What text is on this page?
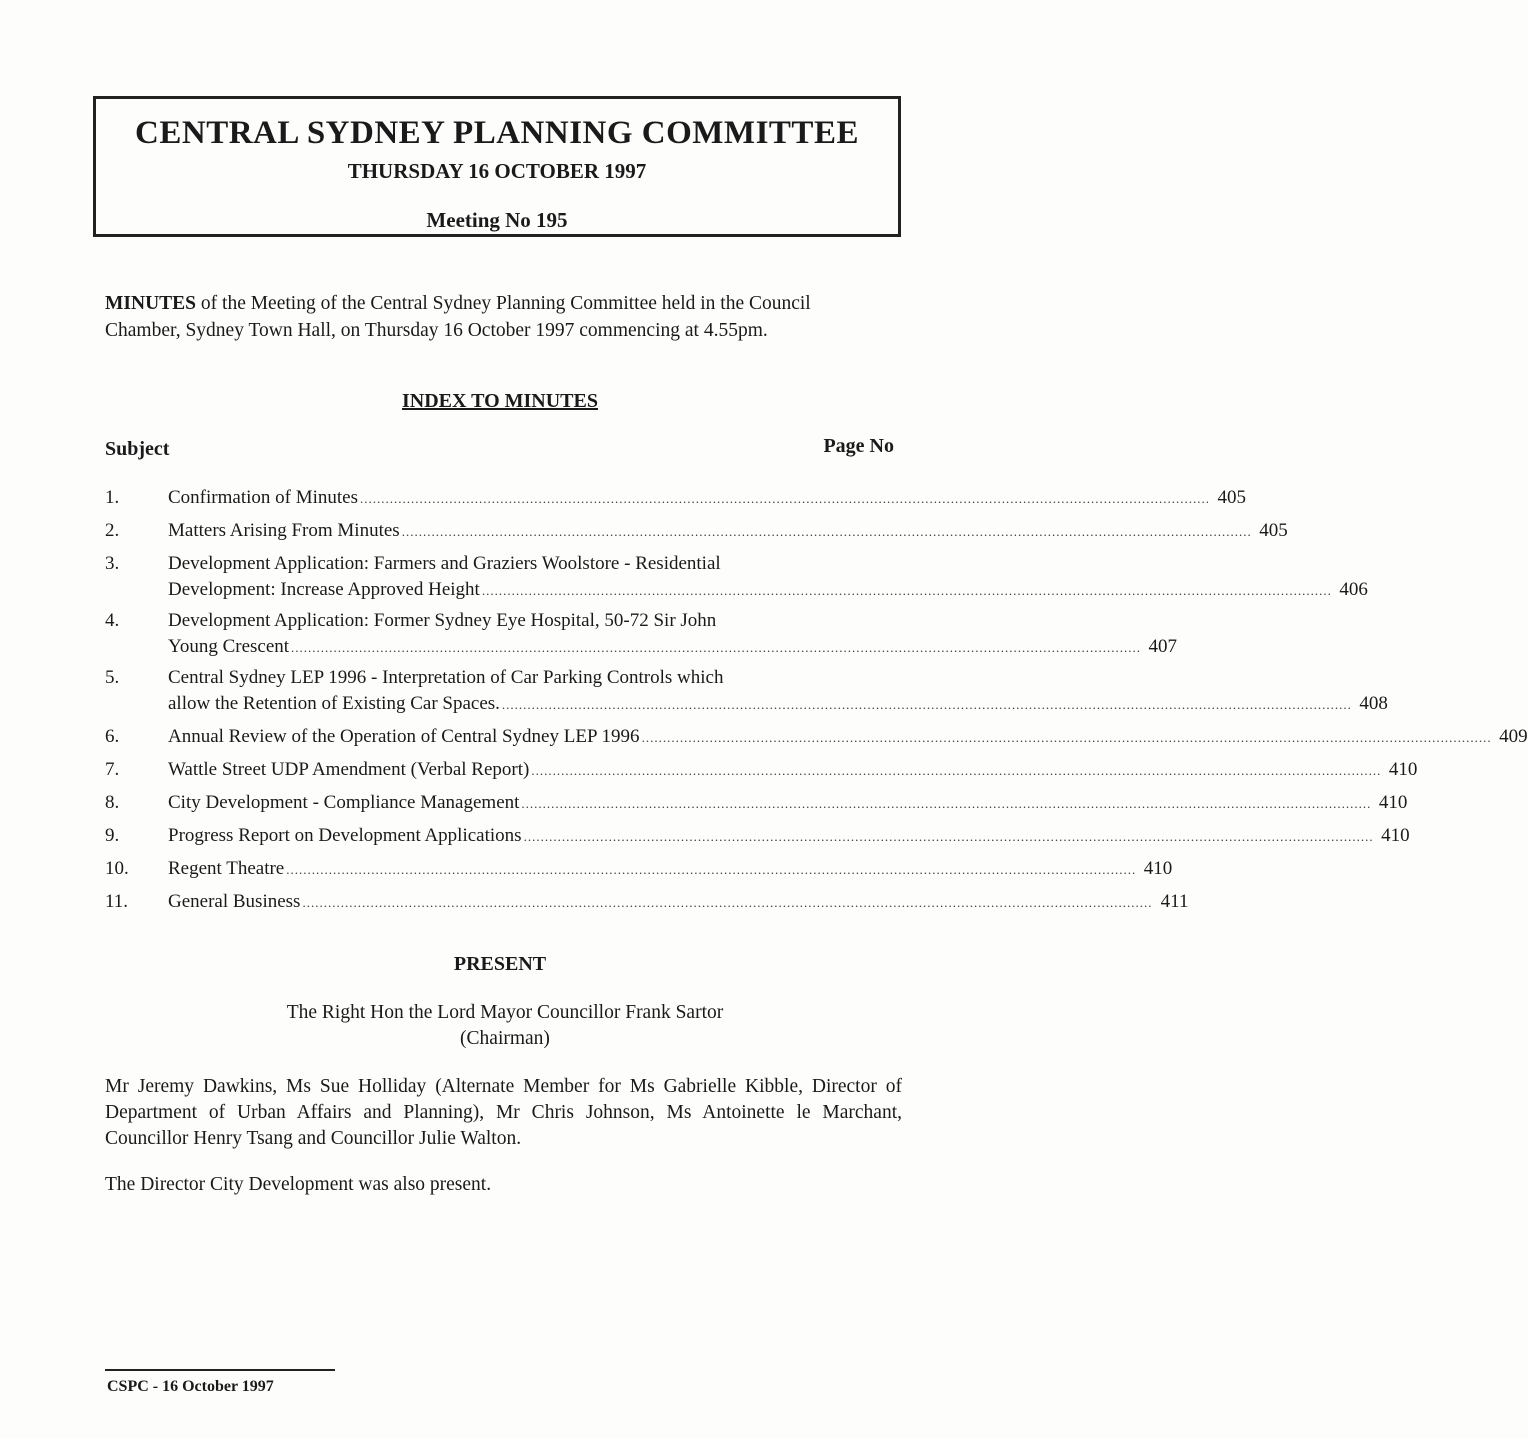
CENTRAL SYDNEY PLANNING COMMITTEE
THURSDAY 16 OCTOBER 1997
Meeting No 195
MINUTES of the Meeting of the Central Sydney Planning Committee held in the Council
Chamber, Sydney Town Hall, on Thursday 16 October 1997 commencing at 4.55pm.
INDEX TO MINUTES
Subject	Page No
1.	Confirmation of Minutes ........................................................................................................................................................................................................ 405
2.	Matters Arising From Minutes ........................................................................................................................................................................................................ 405
3.	Development Application: Farmers and Graziers Woolstore - Residential
Development: Increase Approved Height ........................................................................................................................................................................................................ 406
4.	Development Application: Former Sydney Eye Hospital, 50-72 Sir John
Young Crescent ........................................................................................................................................................................................................ 407
5.	Central Sydney LEP 1996 - Interpretation of Car Parking Controls which
allow the Retention of Existing Car Spaces. ........................................................................................................................................................................................................ 408
6.	Annual Review of the Operation of Central Sydney LEP 1996 ........................................................................................................................................................................................................ 409
7.	Wattle Street UDP Amendment (Verbal Report) ........................................................................................................................................................................................................ 410
8.	City Development - Compliance Management ........................................................................................................................................................................................................ 410
9.	Progress Report on Development Applications ........................................................................................................................................................................................................ 410
10.	Regent Theatre ........................................................................................................................................................................................................ 410
11.	General Business ........................................................................................................................................................................................................ 411
PRESENT
The Right Hon the Lord Mayor Councillor Frank Sartor
(Chairman)
Mr Jeremy Dawkins, Ms Sue Holliday (Alternate Member for Ms Gabrielle Kibble, Director of Department of Urban Affairs and Planning), Mr Chris Johnson, Ms Antoinette le Marchant, Councillor Henry Tsang and Councillor Julie Walton.
The Director City Development was also present.
CSPC - 16 October 1997
